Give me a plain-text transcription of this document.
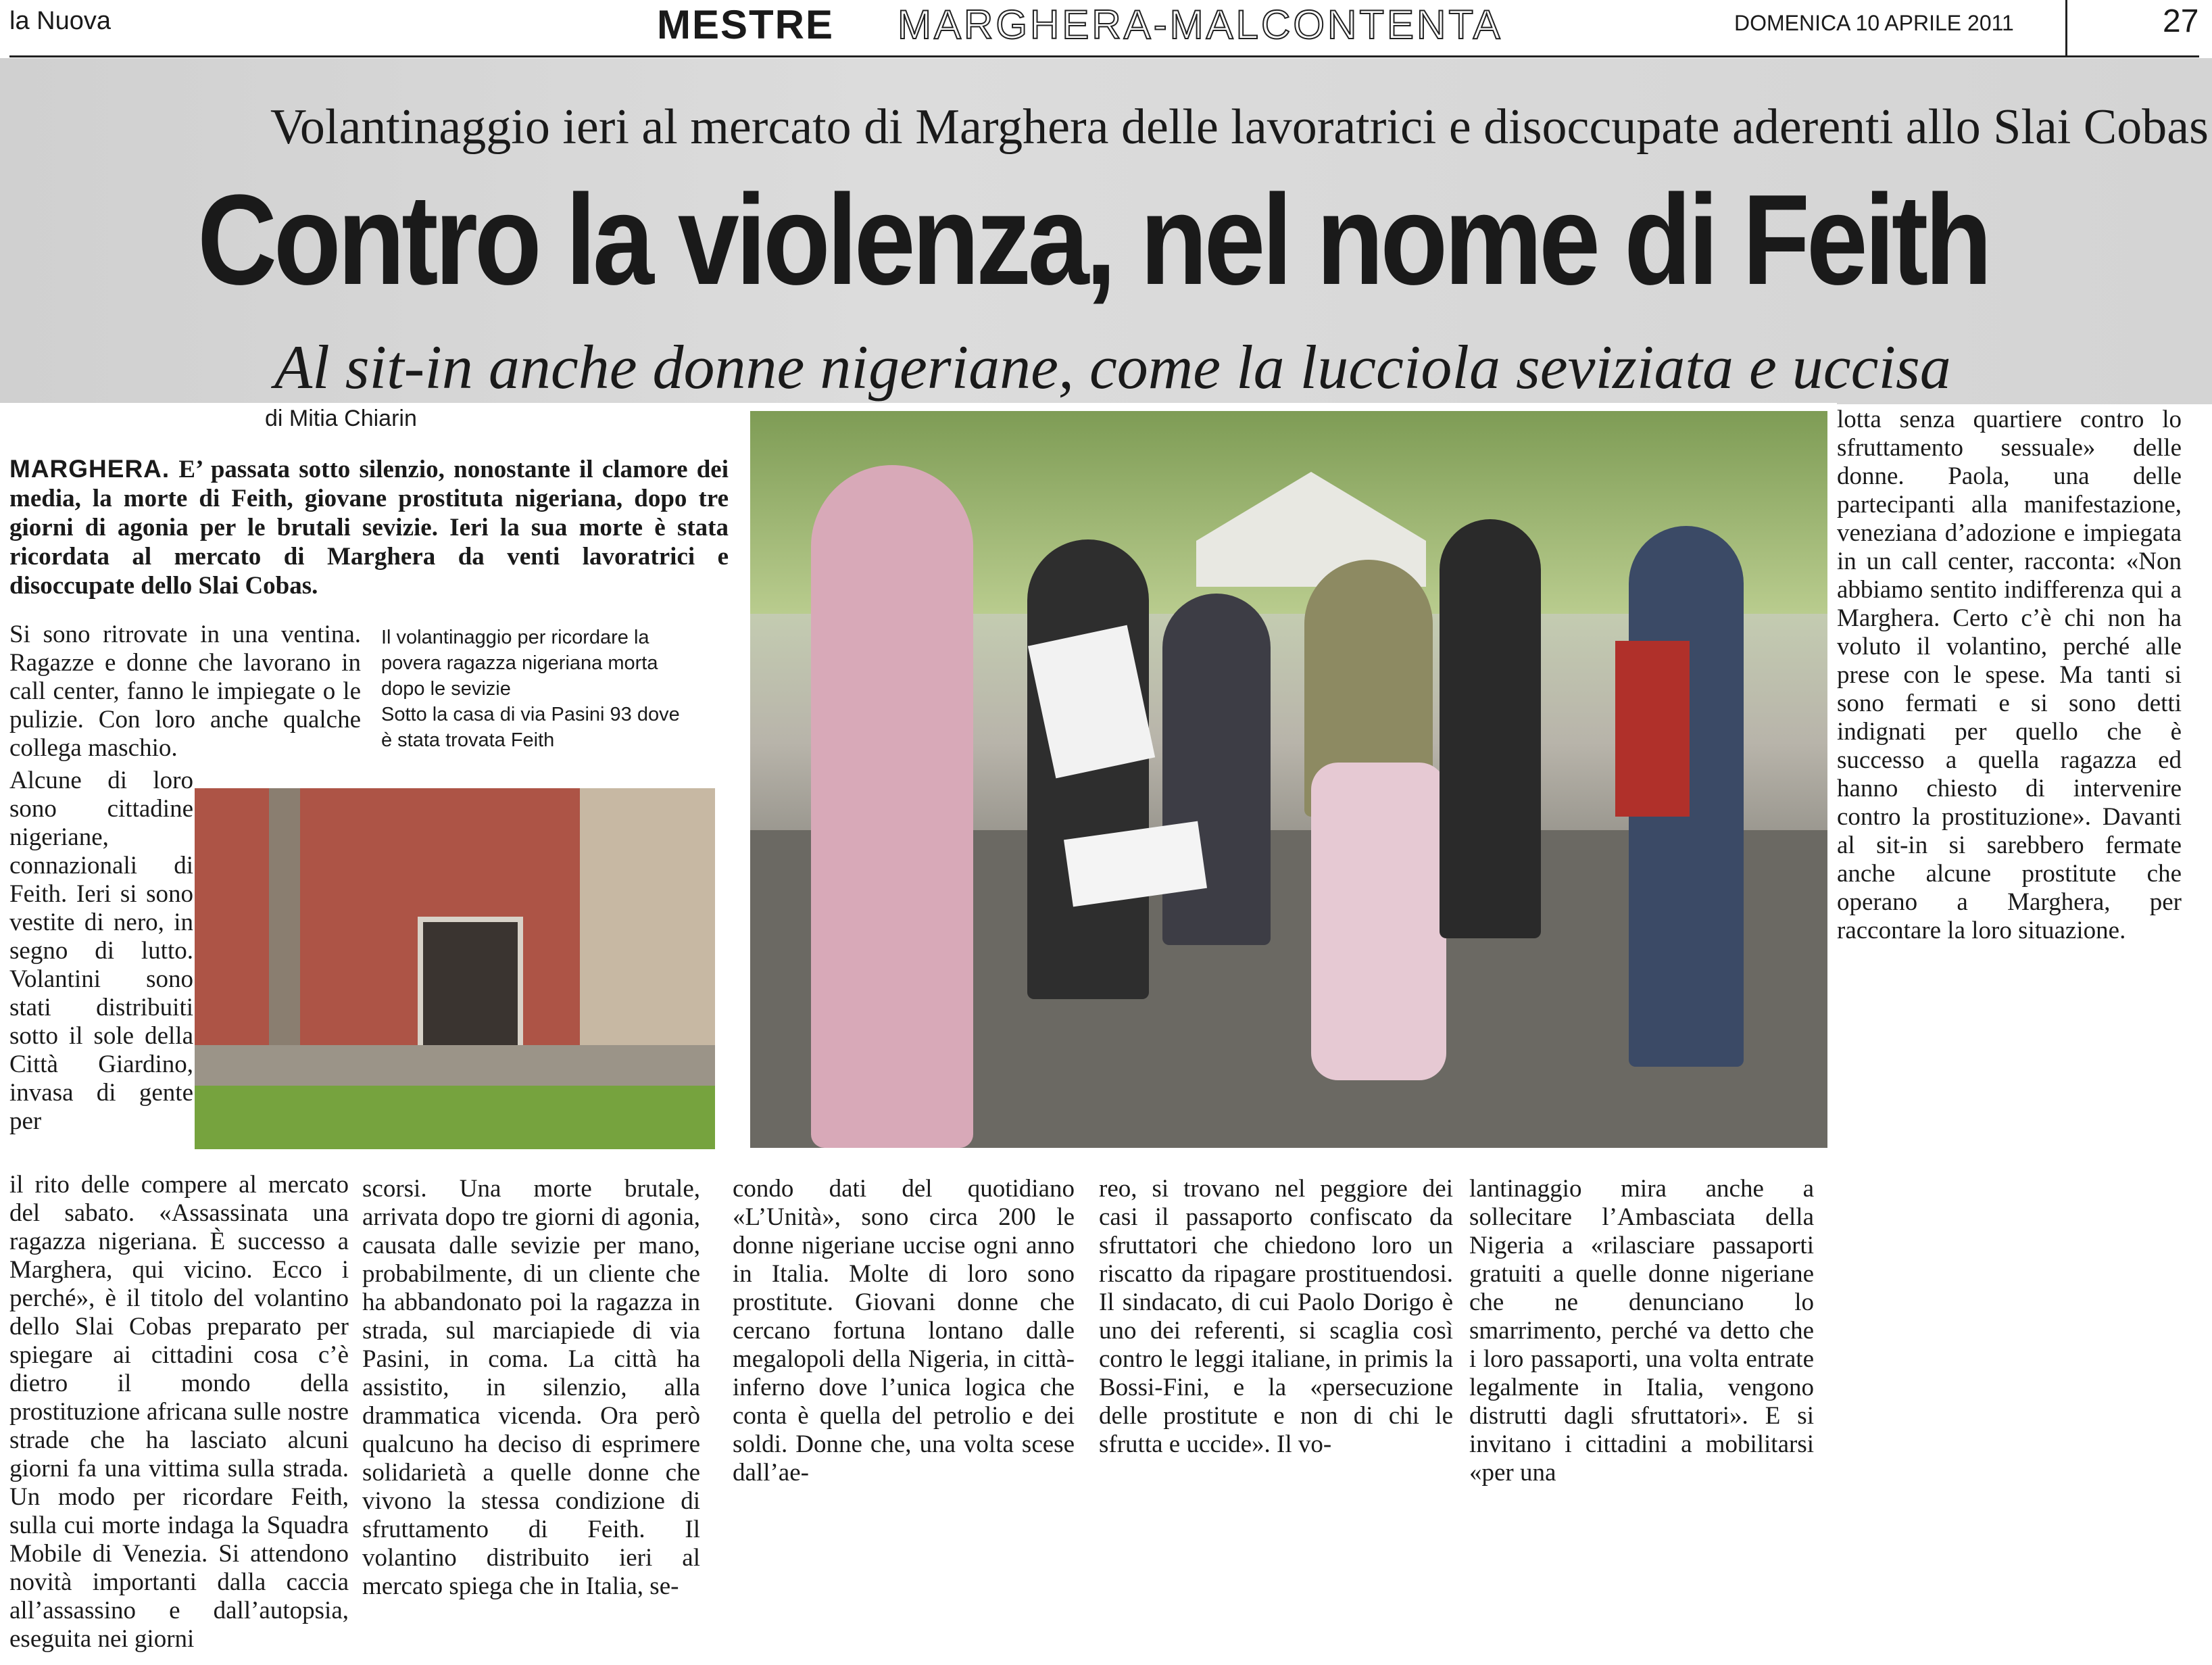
la Nuova	MESTRE MARGHERA-MALCONTENTA	DOMENICA 10 APRILE 2011	27
Volantinaggio ieri al mercato di Marghera delle lavoratrici e disoccupate aderenti allo Slai Cobas
Contro la violenza, nel nome di Feith
Al sit-in anche donne nigeriane, come la lucciola seviziata e uccisa
di Mitia Chiarin
MARGHERA. E’ passata sotto silenzio, nonostante il clamore dei media, la morte di Feith, giovane prostituta nigeriana, dopo tre giorni di agonia per le brutali sevizie. Ieri la sua morte è stata ricordata al mercato di Marghera da venti lavoratrici e disoccupate dello Slai Cobas.
Si sono ritrovate in una ventina. Ragazze e donne che lavorano in call center, fanno le impiegate o le pulizie. Con loro anche qualche collega maschio.
Alcune di loro sono cittadine nigeriane, connazionali di Feith. Ieri si sono vestite di nero, in segno di lutto. Volantini sono stati distribuiti sotto il sole della Città Giardino, invasa di gente per
il rito delle compere al mercato del sabato. «Assassinata una ragazza nigeriana. È successo a Marghera, qui vicino. Ecco i perché», è il titolo del volantino dello Slai Cobas preparato per spiegare ai cittadini cosa c’è dietro il mondo della prostituzione africana sulle nostre strade che ha lasciato alcuni giorni fa una vittima sulla strada. Un modo per ricordare Feith, sulla cui morte indaga la Squadra Mobile di Venezia. Si attendono novità importanti dalla caccia all’assassino e dall’autopsia, eseguita nei giorni
scorsi. Una morte brutale, arrivata dopo tre giorni di agonia, causata dalle sevizie per mano, probabilmente, di un cliente che ha abbandonato poi la ragazza in strada, sul marciapiede di via Pasini, in coma. La città ha assistito, in silenzio, alla drammatica vicenda. Ora però qualcuno ha deciso di esprimere solidarietà a quelle donne che vivono la stessa condizione di sfruttamento di Feith. Il volantino distribuito ieri al mercato spiega che in Italia, se-
condo dati del quotidiano «L’Unità», sono circa 200 le donne nigeriane uccise ogni anno in Italia. Molte di loro sono prostitute. Giovani donne che cercano fortuna lontano dalle megalopoli della Nigeria, in città-inferno dove l’unica logica che conta è quella del petrolio e dei soldi. Donne che, una volta scese dall’ae-
reo, si trovano nel peggiore dei casi il passaporto confiscato da sfruttatori che chiedono loro un riscatto da ripagare prostituendosi. Il sindacato, di cui Paolo Dorigo è uno dei referenti, si scaglia così contro le leggi italiane, in primis la Bossi-Fini, e la «persecuzione delle prostitute e non di chi le sfrutta e uccide». Il vo-
lantinaggio mira anche a sollecitare l’Ambasciata della Nigeria a «rilasciare passaporti gratuiti a quelle donne nigeriane che ne denunciano lo smarrimento, perché va detto che i loro passaporti, una volta entrate legalmente in Italia, vengono distrutti dagli sfruttatori». E si invitano i cittadini a mobilitarsi «per una
lotta senza quartiere contro lo sfruttamento sessuale» delle donne. Paola, una delle partecipanti alla manifestazione, veneziana d’adozione e impiegata in un call center, racconta: «Non abbiamo sentito indifferenza qui a Marghera. Certo c’è chi non ha voluto il volantino, perché alle prese con le spese. Ma tanti si sono fermati e si sono detti indignati per quello che è successo a quella ragazza ed hanno chiesto di intervenire contro la prostituzione». Davanti al sit-in si sarebbero fermate anche alcune prostitute che operano a Marghera, per raccontare la loro situazione.
Il volantinaggio per ricordare la povera ragazza nigeriana morta dopo le sevizie
Sotto la casa di via Pasini 93 dove è stata trovata Feith
